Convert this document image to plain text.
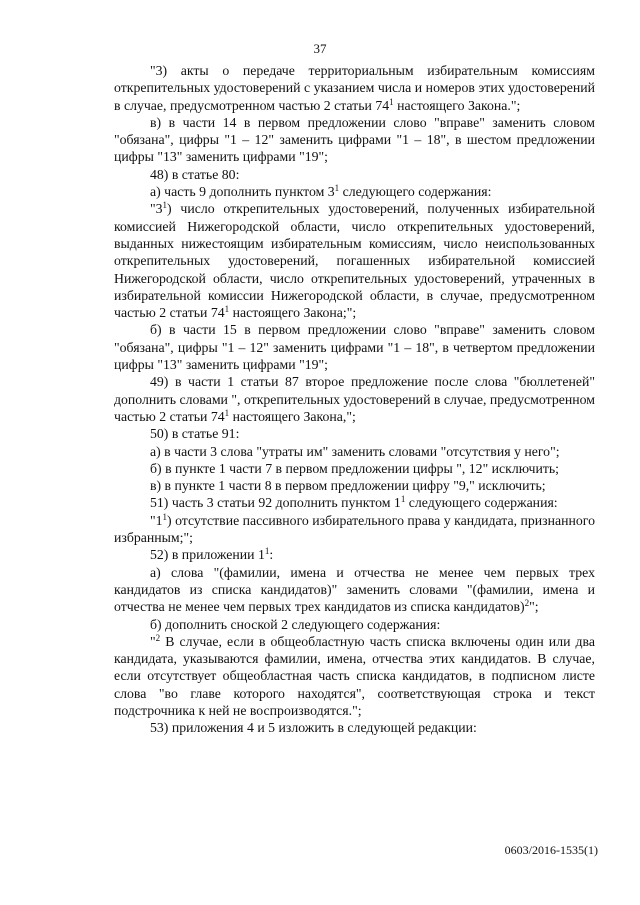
37

"3) акты о передаче территориальным избирательным комиссиям открепительных удостоверений с указанием числа и номеров этих удостоверений в случае, предусмотренном частью 2 статьи $74^1$ настоящего Закона.";

в) в части 14 в первом предложении слово "вправе" заменить словом "обязана", цифры "1 – 12" заменить цифрами "1 – 18", в шестом предложении цифры "13" заменить цифрами "19";

48) в статье 80:

а) часть 9 дополнить пунктом $3^1$ следующего содержания:

"$3^1$) число открепительных удостоверений, полученных избирательной комиссией Нижегородской области, число открепительных удостоверений, выданных нижестоящим избирательным комиссиям, число неиспользованных открепительных удостоверений, погашенных избирательной комиссией Нижегородской области, число открепительных удостоверений, утраченных в избирательной комиссии Нижегородской области, в случае, предусмотренном частью 2 статьи $74^1$ настоящего Закона;";

б) в части 15 в первом предложении слово "вправе" заменить словом "обязана", цифры "1 – 12" заменить цифрами "1 – 18", в четвертом предложении цифры "13" заменить цифрами "19";

49) в части 1 статьи 87 второе предложение после слова "бюллетеней" дополнить словами ", открепительных удостоверений в случае, предусмотренном частью 2 статьи $74^1$ настоящего Закона,";

50) в статье 91:

а) в части 3 слова "утраты им" заменить словами "отсутствия у него";

б) в пункте 1 части 7 в первом предложении цифры ", 12" исключить;

в) в пункте 1 части 8 в первом предложении цифру "9," исключить;

51) часть 3 статьи 92 дополнить пунктом $1^1$ следующего содержания:

"$1^1$) отсутствие пассивного избирательного права у кандидата, признанного избранным;";

52) в приложении $1^1$:

а) слова "(фамилии, имена и отчества не менее чем первых трех кандидатов из списка кандидатов)" заменить словами "(фамилии, имена и отчества не менее чем первых трех кандидатов из списка кандидатов)$^2$";

б) дополнить сноской 2 следующего содержания:

"$^2$ В случае, если в общеобластную часть списка включены один или два кандидата, указываются фамилии, имена, отчества этих кандидатов. В случае, если отсутствует общеобластная часть списка кандидатов, в подписном листе слова "во главе которого находятся", соответствующая строка и текст подстрочника к ней не воспроизводятся.";

53) приложения 4 и 5 изложить в следующей редакции:

0603/2016-1535(1)
